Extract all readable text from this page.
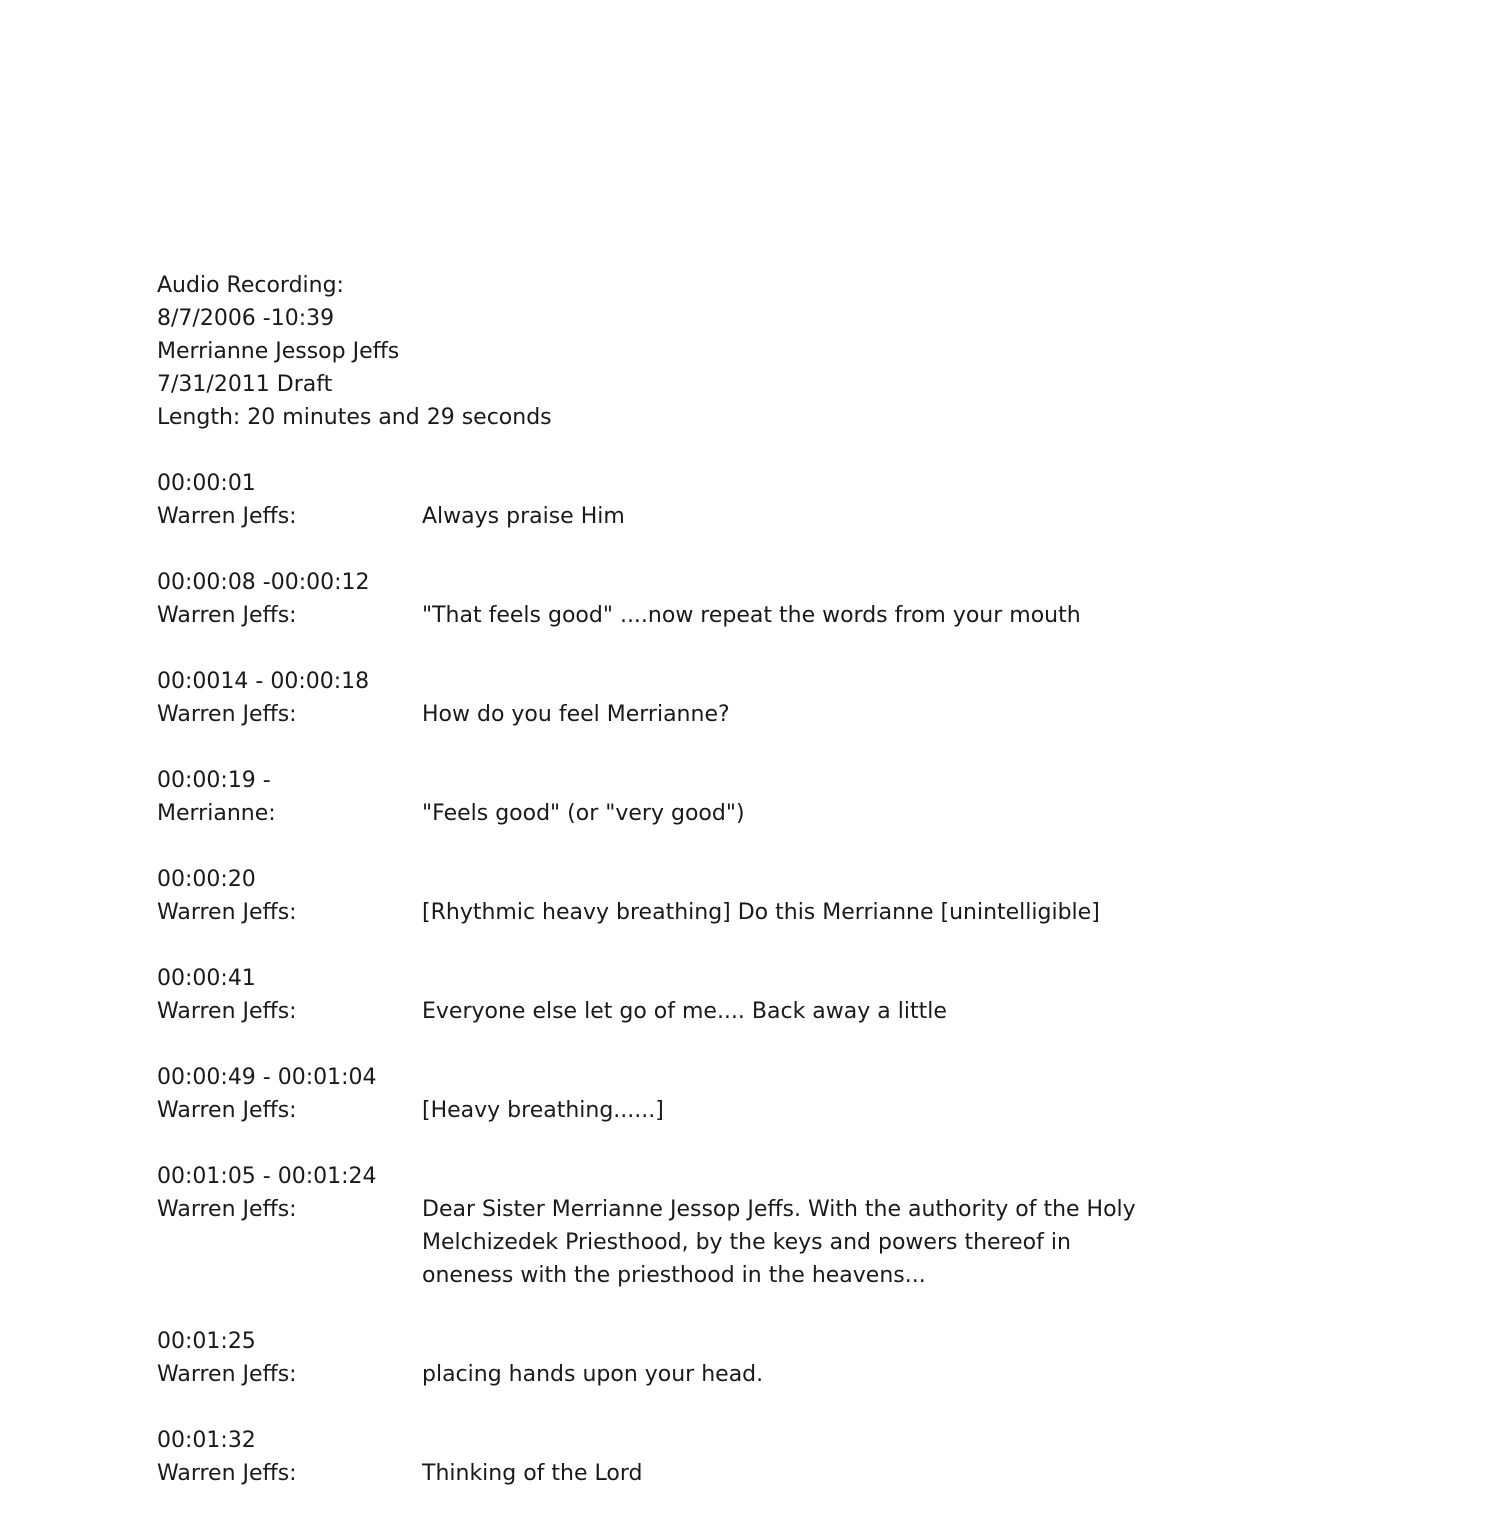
Audio Recording:
8/7/2006 -10:39
Merrianne Jessop Jeffs
7/31/2011 Draft
Length: 20 minutes and 29 seconds
00:00:01
Warren Jeffs:	Always praise Him
00:00:08 -00:00:12
Warren Jeffs:	"That feels good" ....now repeat the words from your mouth
00:0014 - 00:00:18
Warren Jeffs:	How do you feel Merrianne?
00:00:19 -
Merrianne:	"Feels good" (or "very good")
00:00:20
Warren Jeffs:	[Rhythmic heavy breathing] Do this Merrianne [unintelligible]
00:00:41
Warren Jeffs:	Everyone else let go of me.... Back away a little
00:00:49 - 00:01:04
Warren Jeffs:	[Heavy breathing......]
00:01:05 - 00:01:24
Warren Jeffs:	Dear Sister Merrianne Jessop Jeffs. With the authority of the Holy Melchizedek Priesthood, by the keys and powers thereof in oneness with the priesthood in the heavens...
00:01:25
Warren Jeffs:	placing hands upon your head.
00:01:32
Warren Jeffs:	Thinking of the Lord
